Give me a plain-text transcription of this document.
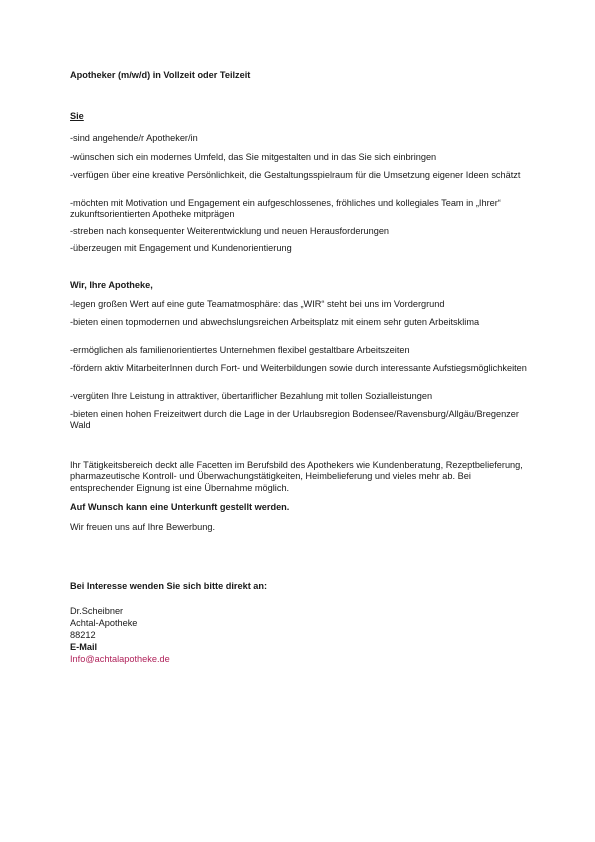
Apotheker (m/w/d) in Vollzeit oder Teilzeit
Sie
-sind angehende/r Apotheker/in
-wünschen sich ein modernes Umfeld, das Sie mitgestalten und in das Sie sich einbringen
-verfügen über eine kreative Persönlichkeit, die Gestaltungsspielraum für die Umsetzung eigener Ideen schätzt
-möchten mit Motivation und Engagement ein aufgeschlossenes, fröhliches und kollegiales Team in „Ihrer“ zukunftsorientierten Apotheke mitprägen
-streben nach konsequenter Weiterentwicklung und neuen Herausforderungen
-überzeugen mit Engagement und Kundenorientierung
Wir, Ihre Apotheke,
-legen großen Wert auf eine gute Teamatmosphäre: das „WIR“ steht bei uns im Vordergrund
-bieten einen topmodernen und abwechslungsreichen Arbeitsplatz mit einem sehr guten Arbeitsklima
-ermöglichen als familienorientiertes Unternehmen flexibel gestaltbare Arbeitszeiten
-fördern aktiv MitarbeiterInnen durch Fort- und Weiterbildungen sowie durch interessante Aufstiegsmöglichkeiten
-vergüten Ihre Leistung in attraktiver, übertariflicher Bezahlung mit tollen Sozialleistungen
-bieten einen hohen Freizeitwert durch die Lage in der Urlaubsregion Bodensee/Ravensburg/Allgäu/Bregenzer Wald
Ihr Tätigkeitsbereich deckt alle Facetten im Berufsbild des Apothekers wie Kundenberatung, Rezeptbelieferung, pharmazeutische Kontroll- und Überwachungstätigkeiten, Heimbelieferung und vieles mehr ab. Bei entsprechender Eignung ist eine Übernahme möglich.
Auf Wunsch kann eine Unterkunft gestellt werden.
Wir freuen uns auf Ihre Bewerbung.
Bei Interesse wenden Sie sich bitte direkt an:
Dr.Scheibner
Achtal-Apotheke
88212
E-Mail
Info@achtalapotheke.de
